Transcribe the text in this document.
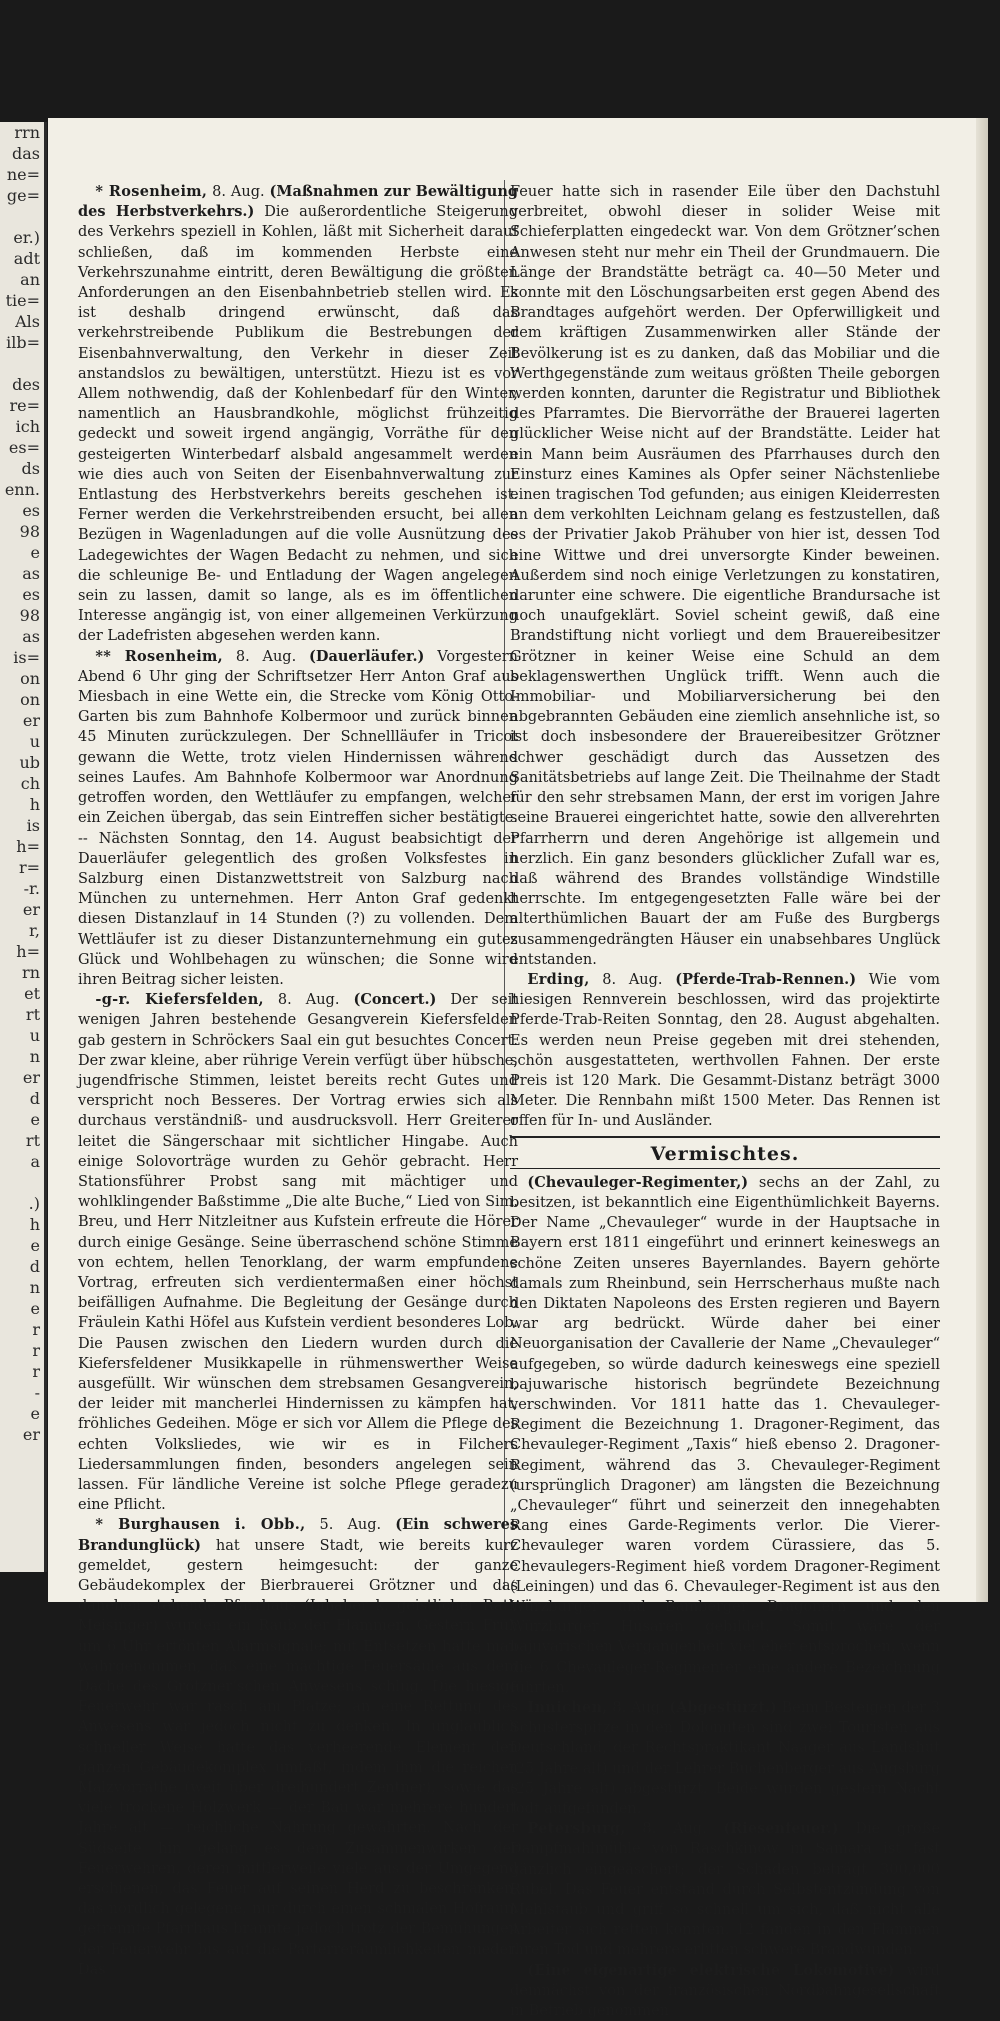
rrn
das
ne=
ge=

er.)
adt
an
tie=
Als
ilb=

des
re=
ich
es=
ds
enn.
es
98
e
as
es
98
as
is=
on
on
er
u
ub
ch
h
is
h=
r=
-r.
er
r,
h=
rn
et
rt
u
n
er
d
e
rt
a

.)
h
e
d
n
e
r
r
r
-
e
er

* Rosenheim, 8. Aug. (Maßnahmen zur Bewältigung des Herbstverkehrs.) Die außerordentliche Steigerung des Verkehrs speziell in Kohlen, läßt mit Sicherheit darauf schließen, daß im kommenden Herbste eine Verkehrszunahme eintritt, deren Bewältigung die größten Anforderungen an den Eisenbahnbetrieb stellen wird. Es ist deshalb dringend erwünscht, daß das verkehrstreibende Publikum die Bestrebungen der Eisenbahnverwaltung, den Verkehr in dieser Zeit anstandslos zu bewältigen, unterstützt. Hiezu ist es vor Allem nothwendig, daß der Kohlenbedarf für den Winter, namentlich an Hausbrandkohle, möglichst frühzeitig gedeckt und soweit irgend angängig, Vorräthe für den gesteigerten Winterbedarf alsbald angesammelt werden wie dies auch von Seiten der Eisenbahnverwaltung zur Entlastung des Herbstverkehrs bereits geschehen ist. Ferner werden die Verkehrstreibenden ersucht, bei allen Bezügen in Wagenladungen auf die volle Ausnützung des Ladegewichtes der Wagen Bedacht zu nehmen, und sich die schleunige Be- und Entladung der Wagen angelegen sein zu lassen, damit so lange, als es im öffentlichen Interesse angängig ist, von einer allgemeinen Verkürzung der Ladefristen abgesehen werden kann.

** Rosenheim, 8. Aug. (Dauerläufer.) Vorgestern Abend 6 Uhr ging der Schriftsetzer Herr Anton Graf aus Miesbach in eine Wette ein, die Strecke vom König Otto-Garten bis zum Bahnhofe Kolbermoor und zurück binnen 45 Minuten zurückzulegen. Der Schnellläufer in Tricot gewann die Wette, trotz vielen Hindernissen während seines Laufes. Am Bahnhofe Kolbermoor war Anordnung getroffen worden, den Wettläufer zu empfangen, welcher ein Zeichen übergab, das sein Eintreffen sicher bestätigte. -- Nächsten Sonntag, den 14. August beabsichtigt der Dauerläufer gelegentlich des großen Volksfestes in Salzburg einen Distanzwettstreit von Salzburg nach München zu unternehmen. Herr Anton Graf gedenkt diesen Distanzlauf in 14 Stunden (?) zu vollenden. Dem Wettläufer ist zu dieser Distanzunternehmung ein gutes Glück und Wohlbehagen zu wünschen; die Sonne wird ihren Beitrag sicher leisten.

-g-r. Kiefersfelden, 8. Aug. (Concert.) Der seit wenigen Jahren bestehende Gesangverein Kiefersfelden gab gestern in Schröckers Saal ein gut besuchtes Concert. Der zwar kleine, aber rührige Verein verfügt über hübsche, jugendfrische Stimmen, leistet bereits recht Gutes und verspricht noch Besseres. Der Vortrag erwies sich als durchaus verständniß- und ausdrucksvoll. Herr Greiterer leitet die Sängerschaar mit sichtlicher Hingabe. Auch einige Solovorträge wurden zu Gehör gebracht. Herr Stationsführer Probst sang mit mächtiger und wohlklingender Baßstimme „Die alte Buche,“ Lied von Sim. Breu, und Herr Nitzleitner aus Kufstein erfreute die Hörer durch einige Gesänge. Seine überraschend schöne Stimme von echtem, hellen Tenorklang, der warm empfundene Vortrag, erfreuten sich verdientermaßen einer höchst beifälligen Aufnahme. Die Begleitung der Gesänge durch Fräulein Kathi Höfel aus Kufstein verdient besonderes Lob. Die Pausen zwischen den Liedern wurden durch die Kiefersfeldener Musikkapelle in rühmenswerther Weise ausgefüllt. Wir wünschen dem strebsamen Gesangverein, der leider mit mancherlei Hindernissen zu kämpfen hat, fröhliches Gedeihen. Möge er sich vor Allem die Pflege des echten Volksliedes, wie wir es in Filchers Liedersammlungen finden, besonders angelegen sein lassen. Für ländliche Vereine ist solche Pflege geradezu eine Pflicht.

* Burghausen i. Obb., 5. Aug. (Ein schweres Brandunglück) hat unsere Stadt, wie bereits kurz gemeldet, gestern heimgesucht: der ganze Gebäudekomplex der Bierbrauerei Grötzner und das daneben stehende Pfarrhaus (Inhaber k. geistlicher Rath Meisinger) wurden ein Raub der Flammen. Gestern Früh um 6 Uhr ertönten Alarmsignale; mit Entsetzen hatte man wahrgenommen, daß eine mächtige Feuersäule aus dem Dache des Grötzner’schen Anwesens schlug. Die hiesige Feuerwehr war rasch am Platze; an eine Rettung des Anwesens war jedoch nicht zu denken. In unglaublich schneller Weise hatte das verheerende Element den ganzen Gebäudekomplex umfaßt, indem ihm die reichen Malzvorräthe (weit über dreihundert Zentner), sowie das viele trockene Holzwerk — der Bau war mehrere hundert Jahre alt — reichliche Nahrung gewährten. Nach der Südseite hin gelang es dem Zusammenwirken der Feuerwehren, deren mittlerweile viele aus der Umgegend erschienen, das Feuer auf seinen Herd zu beschränken, das nördlich gelegene, nur durch einen schmalen Hofraum getrennte Pfarrhaus brannte jedoch trotz der Bemühungen der Feuerwehr bis auf die Parterreräumlichkeiten nieder. Das

Feuer hatte sich in rasender Eile über den Dachstuhl verbreitet, obwohl dieser in solider Weise mit Schieferplatten eingedeckt war. Von dem Grötzner’schen Anwesen steht nur mehr ein Theil der Grundmauern. Die Länge der Brandstätte beträgt ca. 40—50 Meter und konnte mit den Löschungsarbeiten erst gegen Abend des Brandtages aufgehört werden. Der Opferwilligkeit und dem kräftigen Zusammenwirken aller Stände der Bevölkerung ist es zu danken, daß das Mobiliar und die Werthgegenstände zum weitaus größten Theile geborgen werden konnten, darunter die Registratur und Bibliothek des Pfarramtes. Die Biervorräthe der Brauerei lagerten glücklicher Weise nicht auf der Brandstätte. Leider hat ein Mann beim Ausräumen des Pfarrhauses durch den Einsturz eines Kamines als Opfer seiner Nächstenliebe einen tragischen Tod gefunden; aus einigen Kleiderresten an dem verkohlten Leichnam gelang es festzustellen, daß es der Privatier Jakob Prähuber von hier ist, dessen Tod eine Wittwe und drei unversorgte Kinder beweinen. Außerdem sind noch einige Verletzungen zu konstatiren, darunter eine schwere. Die eigentliche Brandursache ist noch unaufgeklärt. Soviel scheint gewiß, daß eine Brandstiftung nicht vorliegt und dem Brauereibesitzer Grötzner in keiner Weise eine Schuld an dem beklagenswerthen Unglück trifft. Wenn auch die Immobiliar- und Mobiliarversicherung bei den abgebrannten Gebäuden eine ziemlich ansehnliche ist, so ist doch insbesondere der Brauereibesitzer Grötzner schwer geschädigt durch das Aussetzen des Sanitätsbetriebs auf lange Zeit. Die Theilnahme der Stadt für den sehr strebsamen Mann, der erst im vorigen Jahre seine Brauerei eingerichtet hatte, sowie den allverehrten Pfarrherrn und deren Angehörige ist allgemein und herzlich. Ein ganz besonders glücklicher Zufall war es, daß während des Brandes vollständige Windstille herrschte. Im entgegengesetzten Falle wäre bei der alterthümlichen Bauart der am Fuße des Burgbergs zusammengedrängten Häuser ein unabsehbares Unglück entstanden.

Erding, 8. Aug. (Pferde-Trab-Rennen.) Wie vom hiesigen Rennverein beschlossen, wird das projektirte Pferde-Trab-Reiten Sonntag, den 28. August abgehalten. Es werden neun Preise gegeben mit drei stehenden, schön ausgestatteten, werthvollen Fahnen. Der erste Preis ist 120 Mark. Die Gesammt-Distanz beträgt 3000 Meter. Die Rennbahn mißt 1500 Meter. Das Rennen ist offen für In- und Ausländer.

Vermischtes.

(Chevauleger-Regimenter,) sechs an der Zahl, zu besitzen, ist bekanntlich eine Eigenthümlichkeit Bayerns. Der Name „Chevauleger“ wurde in der Hauptsache in Bayern erst 1811 eingeführt und erinnert keineswegs an schöne Zeiten unseres Bayernlandes. Bayern gehörte damals zum Rheinbund, sein Herrscherhaus mußte nach den Diktaten Napoleons des Ersten regieren und Bayern war arg bedrückt. Würde daher bei einer Neuorganisation der Cavallerie der Name „Chevauleger“ aufgegeben, so würde dadurch keineswegs eine speziell bajuwarische historisch begründete Bezeichnung verschwinden. Vor 1811 hatte das 1. Chevauleger-Regiment die Bezeichnung 1. Dragoner-Regiment, das Chevauleger-Regiment „Taxis“ hieß ebenso 2. Dragoner-Regiment, während das 3. Chevauleger-Regiment (ursprünglich Dragoner) am längsten die Bezeichnung „Chevauleger“ führt und seinerzeit den innegehabten Rang eines Garde-Regiments verlor. Die Vierer-Chevauleger waren vordem Cürassiere, das 5. Chevaulegers-Regiment hieß vordem Dragoner-Regiment (Leiningen) und das 6. Chevauleger-Regiment ist aus den Würzburger und Bamberger Dragonern und den Würzburger Husaren gebildet. Somit wäre der bajuvarischen Vergangenheit viel eher entsprochen, wenn die 6 Chevauleger-Regimenter eine andere Bezeichnung führten.

Innichen, 8. Aug. (Abgestürzt.) Beim Besteigen der 3 Schusterspitze in den Dolomiten sind zwei Touristen aus Deutschland, der Rechtspraktikant Naager aus Landshut (25 Jahre alt) und der Lehrer Buchenberger aus Augsburg (25 Jahre alt) abgestürzt. Beide wurden gestern Nacht todt aufgefunden.

Petersburg, 8. Aug. (Riesenfeuer.) Die große Dampfmahlmühle von Raschkinow in Samara ist fast gänzlich eingeäschert; der Schaden beträgt 300,000 Rubel. Das Feuer entstand durch Selbstentzündung von Mehlstaub und griff so schnell um sich, daß nicht alle Arbeiter sich retten konnten. 12 fanden in den Flammen ihren Tod und mehrere erlitten schwere Brandwunden.

(Eine eigenartige elektrische Lokomotive) wird demnächst von der französischen Nordbahngesellschaft in Betrieb genommen
